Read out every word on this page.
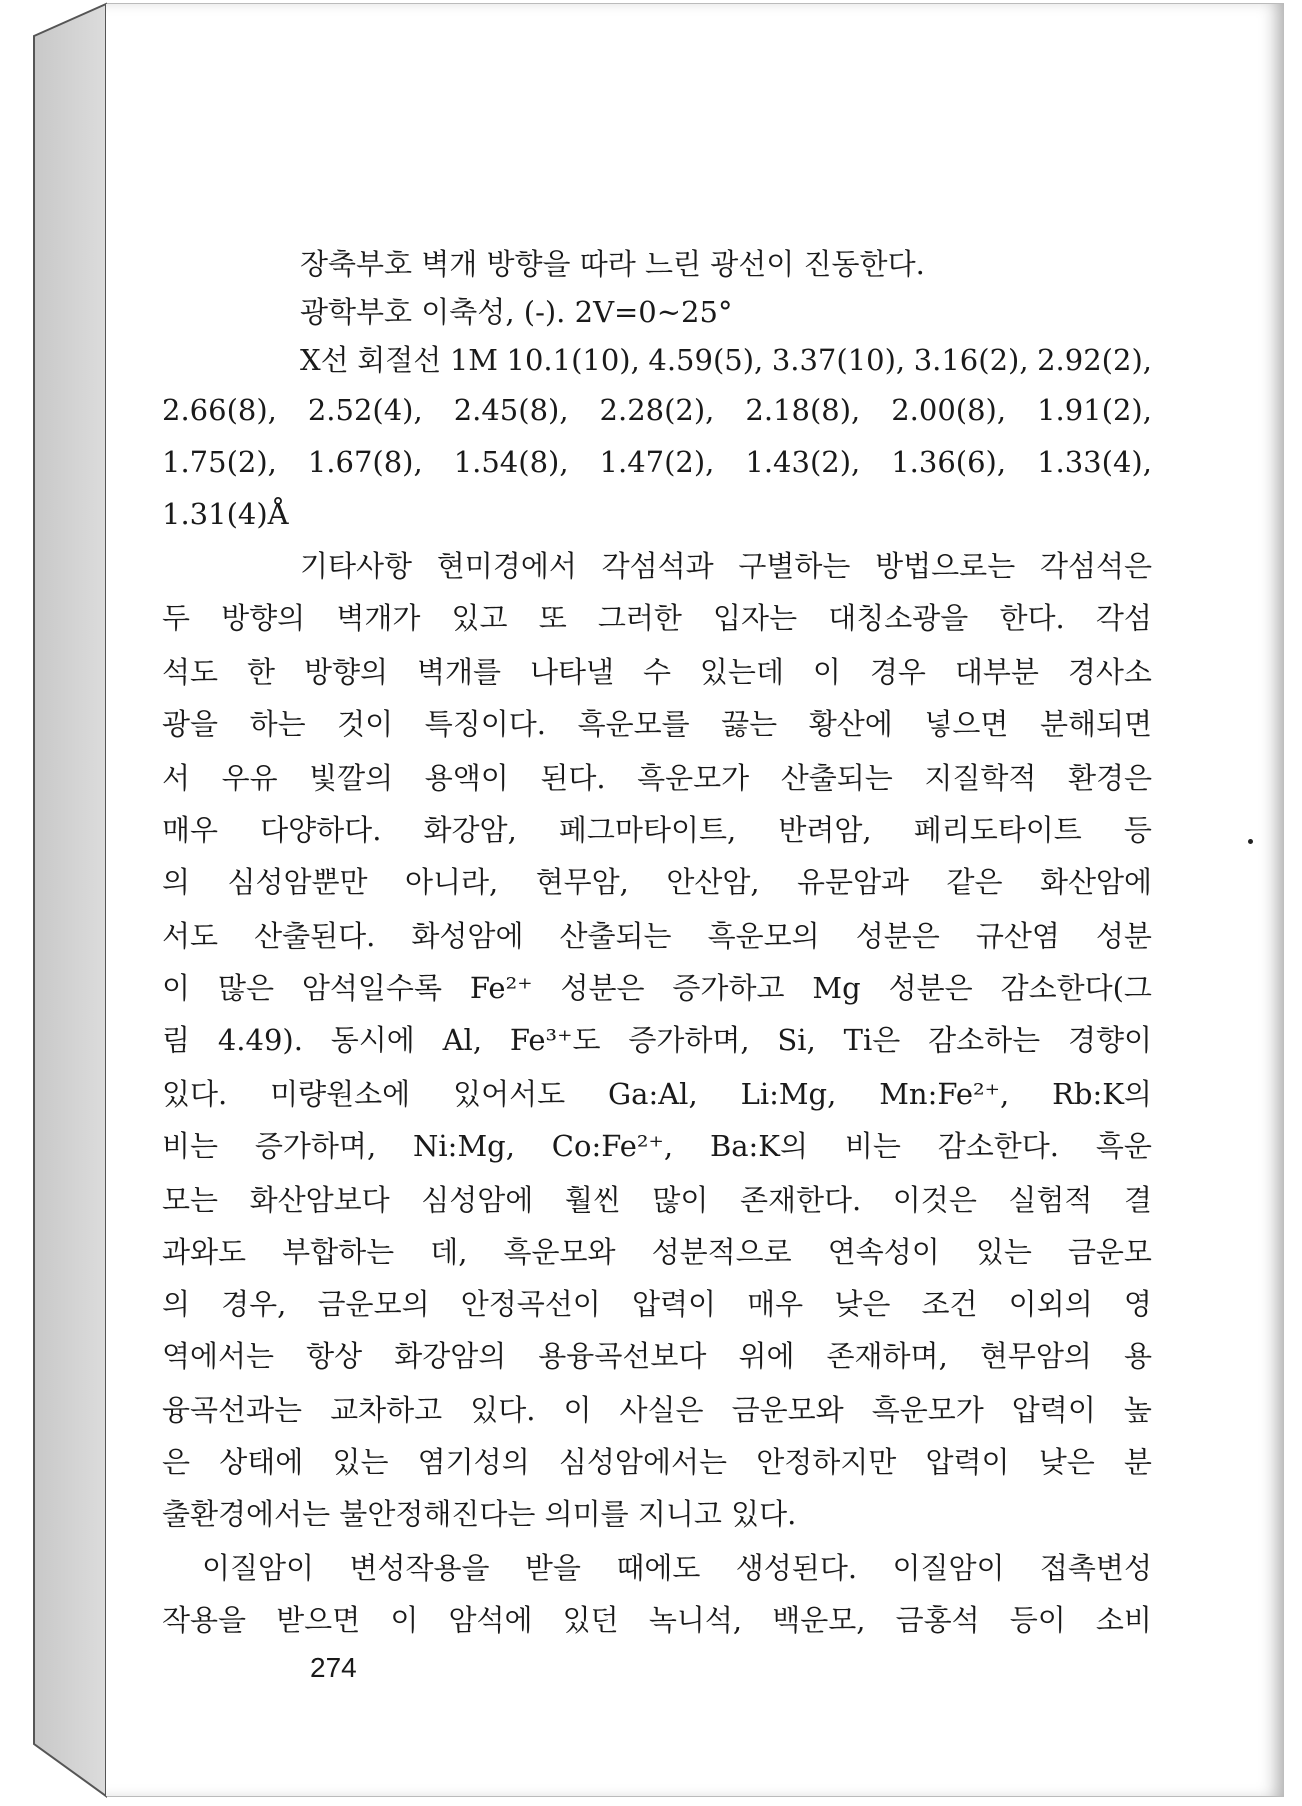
장축부호 벽개 방향을 따라 느린 광선이 진동한다.
광학부호 이축성, (-). 2V=0~25°
X선 회절선 1M 10.1(10), 4.59(5), 3.37(10), 3.16(2), 2.92(2),
2.66(8), 2.52(4), 2.45(8), 2.28(2), 2.18(8), 2.00(8), 1.91(2),
1.75(2), 1.67(8), 1.54(8), 1.47(2), 1.43(2), 1.36(6), 1.33(4),
1.31(4)Å
기타사항 현미경에서 각섬석과 구별하는 방법으로는 각섬석은
두 방향의 벽개가 있고 또 그러한 입자는 대칭소광을 한다. 각섬
석도 한 방향의 벽개를 나타낼 수 있는데 이 경우 대부분 경사소
광을 하는 것이 특징이다. 흑운모를 끓는 황산에 넣으면 분해되면
서 우유 빛깔의 용액이 된다. 흑운모가 산출되는 지질학적 환경은
매우 다양하다. 화강암, 페그마타이트, 반려암, 페리도타이트 등
의 심성암뿐만 아니라, 현무암, 안산암, 유문암과 같은 화산암에
서도 산출된다. 화성암에 산출되는 흑운모의 성분은 규산염 성분
이 많은 암석일수록 Fe²⁺ 성분은 증가하고 Mg 성분은 감소한다(그
림 4.49). 동시에 Al, Fe³⁺도 증가하며, Si, Ti은 감소하는 경향이
있다. 미량원소에 있어서도 Ga:Al, Li:Mg, Mn:Fe²⁺, Rb:K의
비는 증가하며, Ni:Mg, Co:Fe²⁺, Ba:K의 비는 감소한다. 흑운
모는 화산암보다 심성암에 훨씬 많이 존재한다. 이것은 실험적 결
과와도 부합하는 데, 흑운모와 성분적으로 연속성이 있는 금운모
의 경우, 금운모의 안정곡선이 압력이 매우 낮은 조건 이외의 영
역에서는 항상 화강암의 용융곡선보다 위에 존재하며, 현무암의 용
융곡선과는 교차하고 있다. 이 사실은 금운모와 흑운모가 압력이 높
은 상태에 있는 염기성의 심성암에서는 안정하지만 압력이 낮은 분
출환경에서는 불안정해진다는 의미를 지니고 있다.
이질암이 변성작용을 받을 때에도 생성된다. 이질암이 접촉변성
작용을 받으면 이 암석에 있던 녹니석, 백운모, 금홍석 등이 소비
274
